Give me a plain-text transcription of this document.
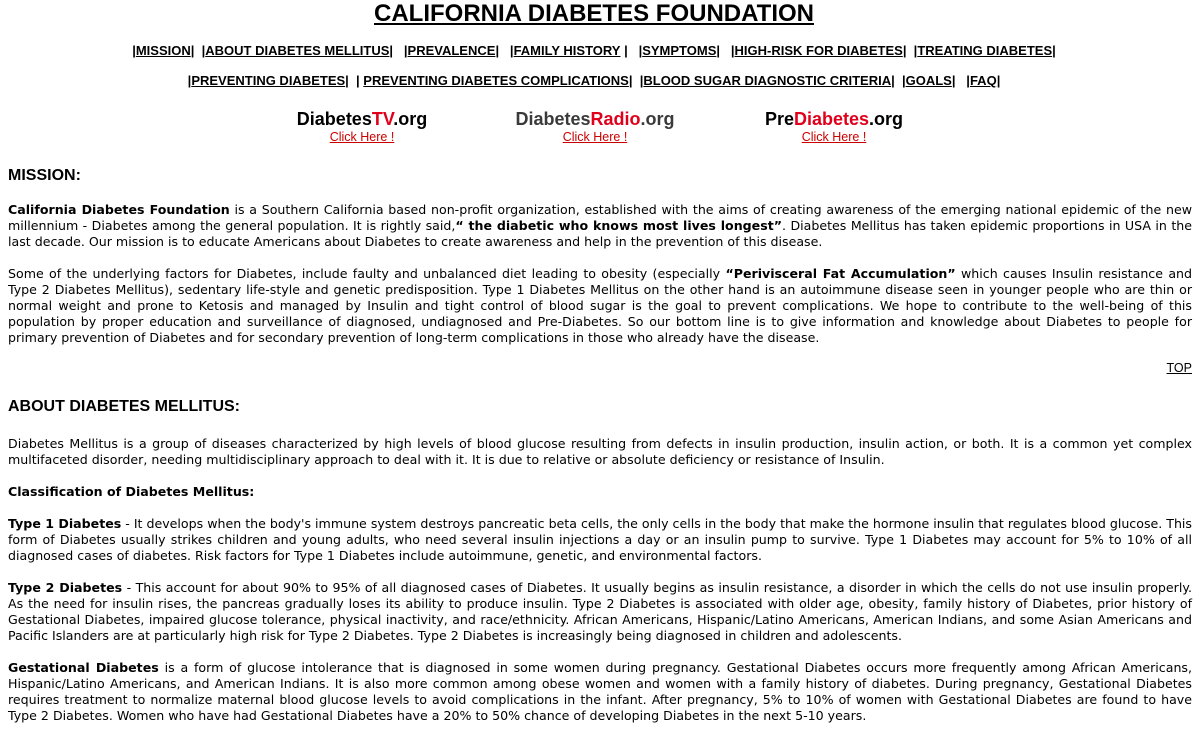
CALIFORNIA DIABETES FOUNDATION
|MISSION|  |ABOUT DIABETES MELLITUS|   |PREVALENCE|   |FAMILY HISTORY |   |SYMPTOMS|   |HIGH-RISK FOR DIABETES|  |TREATING DIABETES|
|PREVENTING DIABETES|  | PREVENTING DIABETES COMPLICATIONS|  |BLOOD SUGAR DIAGNOSTIC CRITERIA|  |GOALS|   |FAQ|
DiabetesTV.org
Click Here !
DiabetesRadio.org
Click Here !
PreDiabetes.org
Click Here !
MISSION:

California Diabetes Foundation is a Southern California based non-profit organization, established with the aims of creating awareness of the emerging national epidemic of the new millennium - Diabetes among the general population. It is rightly said,“ the diabetic who knows most lives longest”. Diabetes Mellitus has taken epidemic proportions in USA in the last decade. Our mission is to educate Americans about Diabetes to create awareness and help in the prevention of this disease.

Some of the underlying factors for Diabetes, include faulty and unbalanced diet leading to obesity (especially “Perivisceral Fat Accumulation” which causes Insulin resistance and Type 2 Diabetes Mellitus), sedentary life-style and genetic predisposition. Type 1 Diabetes Mellitus on the other hand is an autoimmune disease seen in younger people who are thin or normal weight and prone to Ketosis and managed by Insulin and tight control of blood sugar is the goal to prevent complications. We hope to contribute to the well-being of this population by proper education and surveillance of diagnosed, undiagnosed and Pre-Diabetes. So our bottom line is to give information and knowledge about Diabetes to people for primary prevention of Diabetes and for secondary prevention of long-term complications in those who already have the disease.

TOP
ABOUT DIABETES MELLITUS:

Diabetes Mellitus is a group of diseases characterized by high levels of blood glucose resulting from defects in insulin production, insulin action, or both. It is a common yet complex multifaceted disorder, needing multidisciplinary approach to deal with it. It is due to relative or absolute deficiency or resistance of Insulin.

Classification of Diabetes Mellitus:

Type 1 Diabetes - It develops when the body's immune system destroys pancreatic beta cells, the only cells in the body that make the hormone insulin that regulates blood glucose. This form of Diabetes usually strikes children and young adults, who need several insulin injections a day or an insulin pump to survive. Type 1 Diabetes may account for 5% to 10% of all diagnosed cases of diabetes. Risk factors for Type 1 Diabetes include autoimmune, genetic, and environmental factors.

Type 2 Diabetes - This account for about 90% to 95% of all diagnosed cases of Diabetes. It usually begins as insulin resistance, a disorder in which the cells do not use insulin properly. As the need for insulin rises, the pancreas gradually loses its ability to produce insulin. Type 2 Diabetes is associated with older age, obesity, family history of Diabetes, prior history of Gestational Diabetes, impaired glucose tolerance, physical inactivity, and race/ethnicity. African Americans, Hispanic/Latino Americans, American Indians, and some Asian Americans and Pacific Islanders are at particularly high risk for Type 2 Diabetes. Type 2 Diabetes is increasingly being diagnosed in children and adolescents.

Gestational Diabetes is a form of glucose intolerance that is diagnosed in some women during pregnancy. Gestational Diabetes occurs more frequently among African Americans, Hispanic/Latino Americans, and American Indians. It is also more common among obese women and women with a family history of diabetes. During pregnancy, Gestational Diabetes requires treatment to normalize maternal blood glucose levels to avoid complications in the infant. After pregnancy, 5% to 10% of women with Gestational Diabetes are found to have Type 2 Diabetes. Women who have had Gestational Diabetes have a 20% to 50% chance of developing Diabetes in the next 5-10 years.
